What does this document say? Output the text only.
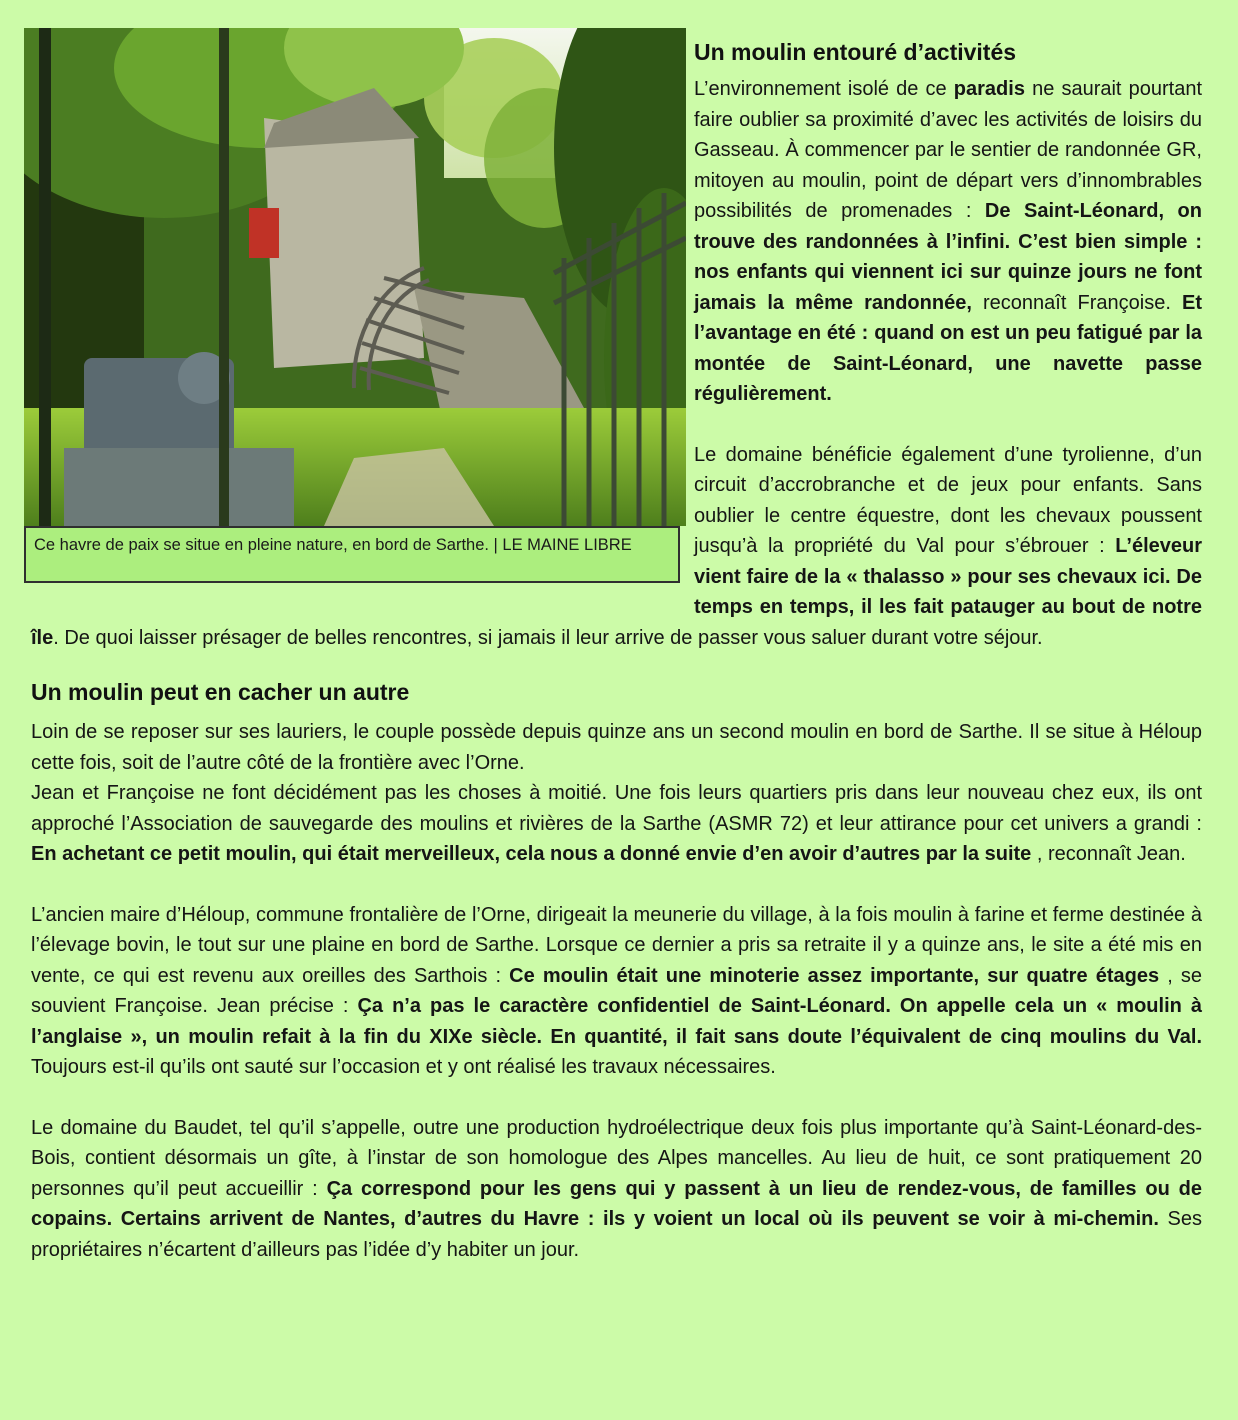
Ce havre de paix se situe en pleine nature, en bord de Sarthe. | LE MAINE LIBRE
Un moulin entouré d’activités

L’environnement isolé de ce paradis ne saurait pourtant faire oublier sa proximité d’avec les activités de loisirs du Gasseau. À commencer par le sentier de randonnée GR, mitoyen au moulin, point de départ vers d’innombrables possibilités de promenades : De Saint-Léonard, on trouve des randonnées à l’infini. C’est bien simple : nos enfants qui viennent ici sur quinze jours ne font jamais la même randonnée, reconnaît Françoise. Et l’avantage en été : quand on est un peu fatigué par la montée de Saint-Léonard, une navette passe régulièrement.

Le domaine bénéficie également d’une tyrolienne, d’un circuit d’accrobranche et de jeux pour enfants. Sans oublier le centre équestre, dont les chevaux poussent jusqu’à la propriété du Val pour s’ébrouer : L’éleveur vient faire de la « thalasso » pour ses chevaux ici. De temps en temps, il les fait patauger au bout de notre île. De quoi laisser présager de belles rencontres, si jamais il leur arrive de passer vous saluer durant votre séjour.

Un moulin peut en cacher un autre

Loin de se reposer sur ses lauriers, le couple possède depuis quinze ans un second moulin en bord de Sarthe. Il se situe à Héloup cette fois, soit de l’autre côté de la frontière avec l’Orne.
Jean et Françoise ne font décidément pas les choses à moitié. Une fois leurs quartiers pris dans leur nouveau chez eux, ils ont approché l’Association de sauvegarde des moulins et rivières de la Sarthe (ASMR 72) et leur attirance pour cet univers a grandi : En achetant ce petit moulin, qui était merveilleux, cela nous a donné envie d’en avoir d’autres par la suite , reconnaît Jean.

L’ancien maire d’Héloup, commune frontalière de l’Orne, dirigeait la meunerie du village, à la fois moulin à farine et ferme destinée à l’élevage bovin, le tout sur une plaine en bord de Sarthe. Lorsque ce dernier a pris sa retraite il y a quinze ans, le site a été mis en vente, ce qui est revenu aux oreilles des Sarthois : Ce moulin était une minoterie assez importante, sur quatre étages , se souvient Françoise. Jean précise : Ça n’a pas le caractère confidentiel de Saint-Léonard. On appelle cela un « moulin à l’anglaise », un moulin refait à la fin du XIXe siècle. En quantité, il fait sans doute l’équivalent de cinq moulins du Val. Toujours est-il qu’ils ont sauté sur l’occasion et y ont réalisé les travaux nécessaires.

Le domaine du Baudet, tel qu’il s’appelle, outre une production hydroélectrique deux fois plus importante qu’à Saint-Léonard-des-Bois, contient désormais un gîte, à l’instar de son homologue des Alpes mancelles. Au lieu de huit, ce sont pratiquement 20 personnes qu’il peut accueillir : Ça correspond pour les gens qui y passent à un lieu de rendez-vous, de familles ou de copains. Certains arrivent de Nantes, d’autres du Havre : ils y voient un local où ils peuvent se voir à mi-chemin. Ses propriétaires n’écartent d’ailleurs pas l’idée d’y habiter un jour.
